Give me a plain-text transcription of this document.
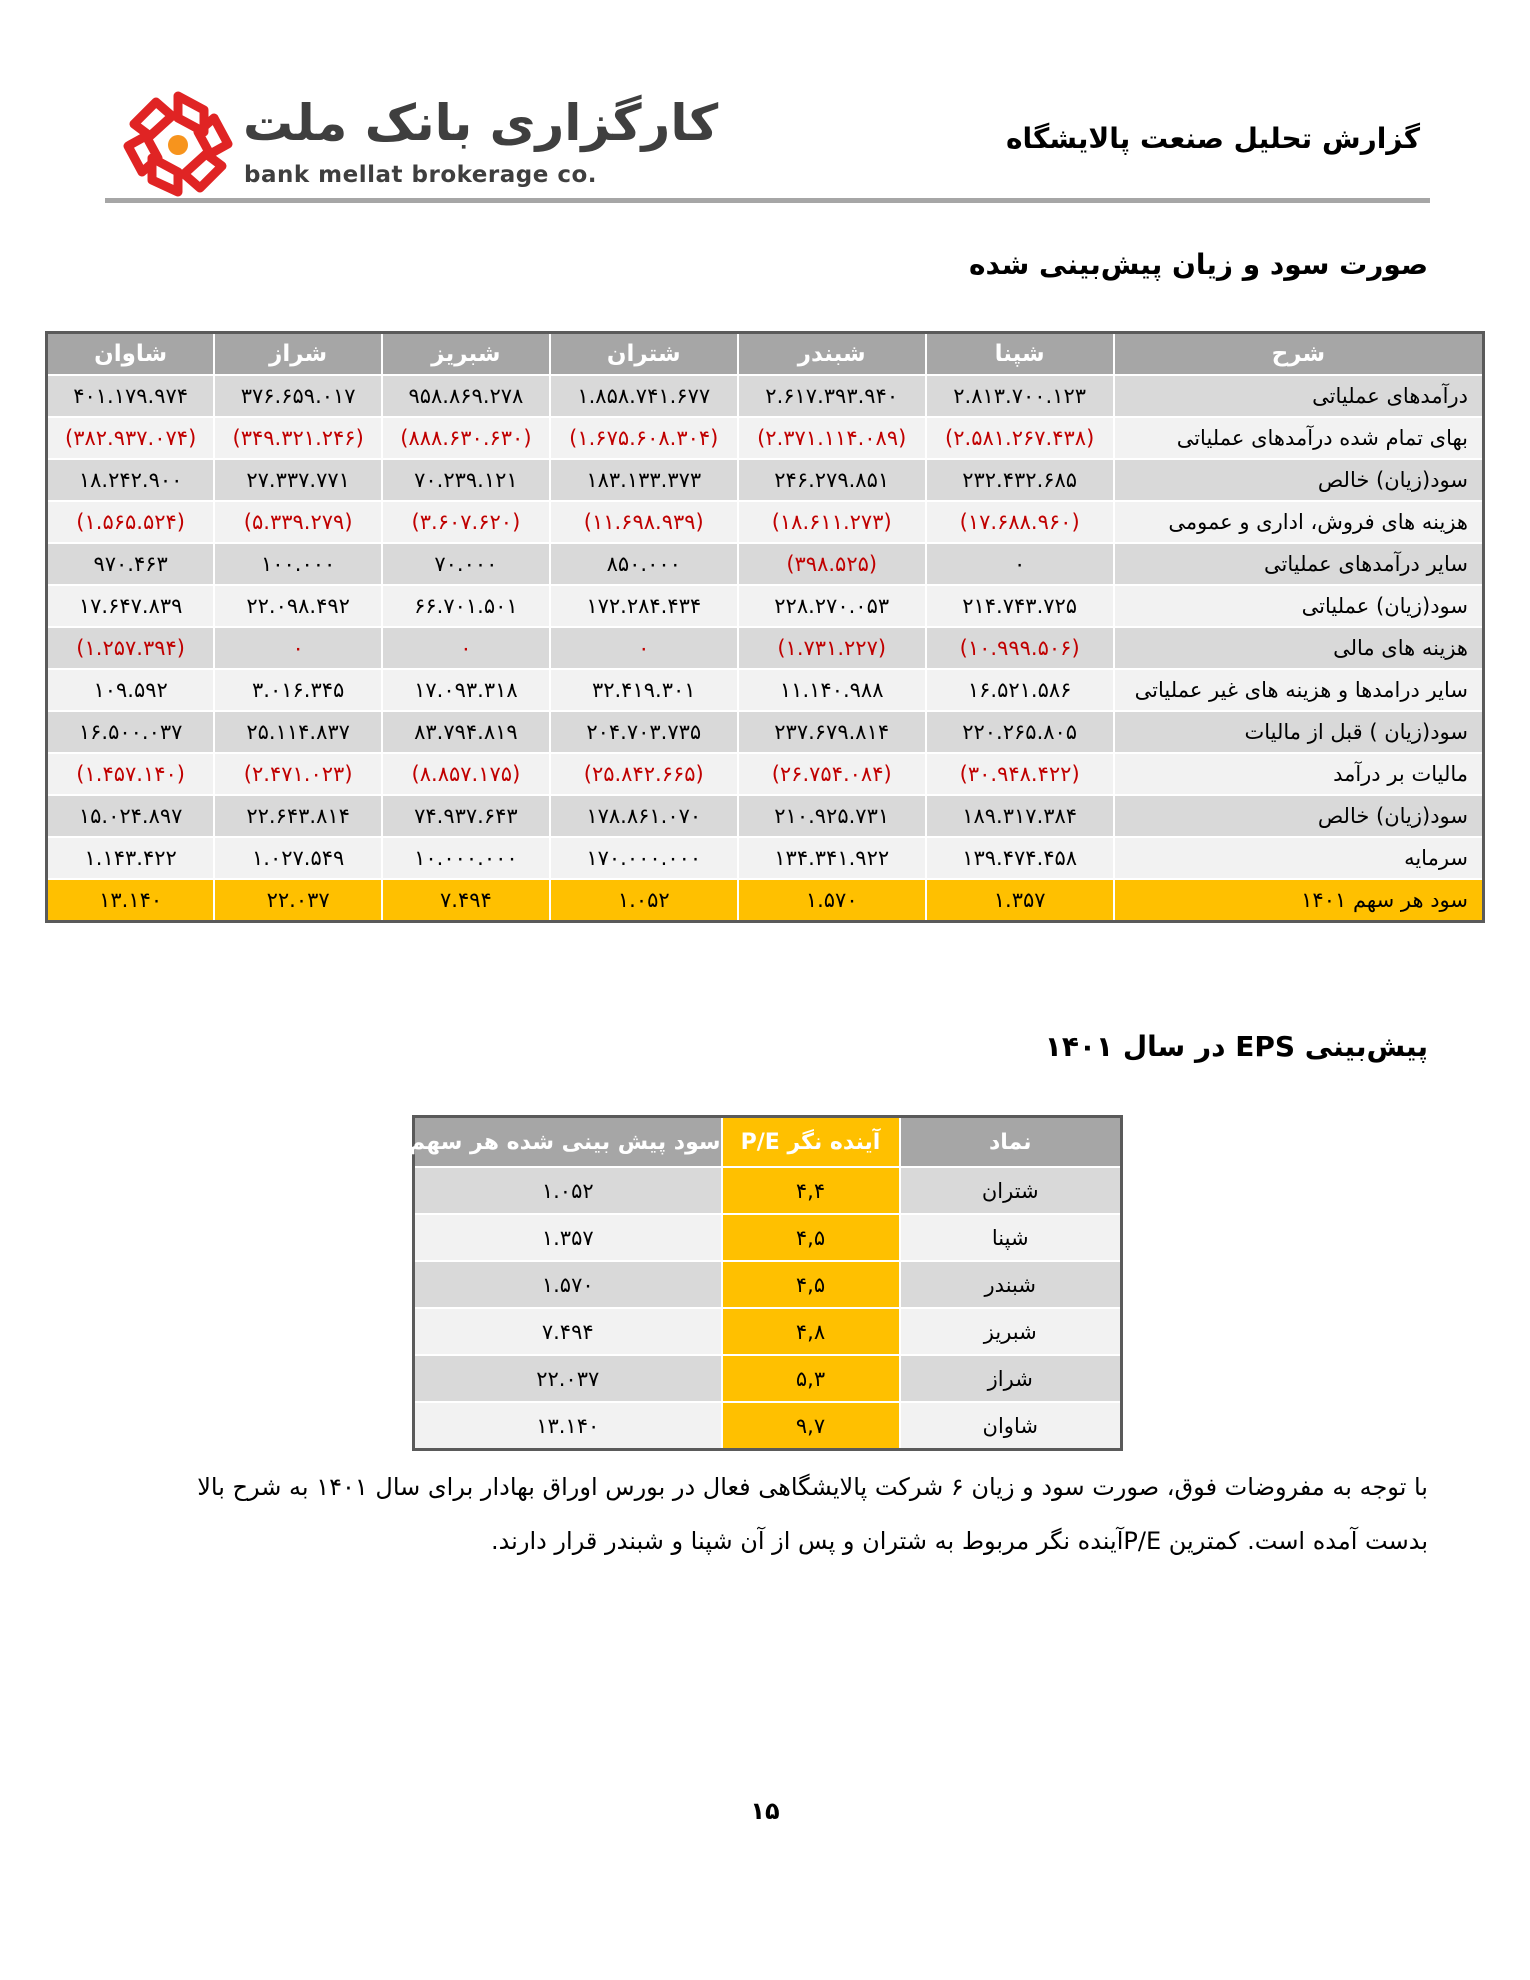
کارگزاری بانک ملت
bank mellat brokerage co.
گزارش تحلیل صنعت پالایشگاه
صورت سود و زیان پیش‌بینی شده
شرح	شپنا	شبندر	شتران	شبریز	شراز	شاوان
درآمدهای عملیاتی	۲.۸۱۳.۷۰۰.۱۲۳	۲.۶۱۷.۳۹۳.۹۴۰	۱.۸۵۸.۷۴۱.۶۷۷	۹۵۸.۸۶۹.۲۷۸	۳۷۶.۶۵۹.۰۱۷	۴۰۱.۱۷۹.۹۷۴
بهای تمام شده درآمدهای عملیاتی	(۲.۵۸۱.۲۶۷.۴۳۸)	(۲.۳۷۱.۱۱۴.۰۸۹)	(۱.۶۷۵.۶۰۸.۳۰۴)	(۸۸۸.۶۳۰.۶۳۰)	(۳۴۹.۳۲۱.۲۴۶)	(۳۸۲.۹۳۷.۰۷۴)
سود(زیان) خالص	۲۳۲.۴۳۲.۶۸۵	۲۴۶.۲۷۹.۸۵۱	۱۸۳.۱۳۳.۳۷۳	۷۰.۲۳۹.۱۲۱	۲۷.۳۳۷.۷۷۱	۱۸.۲۴۲.۹۰۰
هزینه های فروش، اداری و عمومی	(۱۷.۶۸۸.۹۶۰)	(۱۸.۶۱۱.۲۷۳)	(۱۱.۶۹۸.۹۳۹)	(۳.۶۰۷.۶۲۰)	(۵.۳۳۹.۲۷۹)	(۱.۵۶۵.۵۲۴)
سایر درآمدهای عملیاتی	۰	(۳۹۸.۵۲۵)	۸۵۰.۰۰۰	۷۰.۰۰۰	۱۰۰.۰۰۰	۹۷۰.۴۶۳
سود(زیان) عملیاتی	۲۱۴.۷۴۳.۷۲۵	۲۲۸.۲۷۰.۰۵۳	۱۷۲.۲۸۴.۴۳۴	۶۶.۷۰۱.۵۰۱	۲۲.۰۹۸.۴۹۲	۱۷.۶۴۷.۸۳۹
هزینه های مالی	(۱۰.۹۹۹.۵۰۶)	(۱.۷۳۱.۲۲۷)	۰	۰	۰	(۱.۲۵۷.۳۹۴)
سایر درامدها و هزینه های غیر عملیاتی	۱۶.۵۲۱.۵۸۶	۱۱.۱۴۰.۹۸۸	۳۲.۴۱۹.۳۰۱	۱۷.۰۹۳.۳۱۸	۳.۰۱۶.۳۴۵	۱۰۹.۵۹۲
سود(زیان ) قبل از مالیات	۲۲۰.۲۶۵.۸۰۵	۲۳۷.۶۷۹.۸۱۴	۲۰۴.۷۰۳.۷۳۵	۸۳.۷۹۴.۸۱۹	۲۵.۱۱۴.۸۳۷	۱۶.۵۰۰.۰۳۷
مالیات بر درآمد	(۳۰.۹۴۸.۴۲۲)	(۲۶.۷۵۴.۰۸۴)	(۲۵.۸۴۲.۶۶۵)	(۸.۸۵۷.۱۷۵)	(۲.۴۷۱.۰۲۳)	(۱.۴۵۷.۱۴۰)
سود(زیان) خالص	۱۸۹.۳۱۷.۳۸۴	۲۱۰.۹۲۵.۷۳۱	۱۷۸.۸۶۱.۰۷۰	۷۴.۹۳۷.۶۴۳	۲۲.۶۴۳.۸۱۴	۱۵.۰۲۴.۸۹۷
سرمایه	۱۳۹.۴۷۴.۴۵۸	۱۳۴.۳۴۱.۹۲۲	۱۷۰.۰۰۰.۰۰۰	۱۰.۰۰۰.۰۰۰	۱.۰۲۷.۵۴۹	۱.۱۴۳.۴۲۲
سود هر سهم ۱۴۰۱	۱.۳۵۷	۱.۵۷۰	۱.۰۵۲	۷.۴۹۴	۲۲.۰۳۷	۱۳.۱۴۰
پیش‌بینی EPS در سال ۱۴۰۱
نماد	آینده نگر P/E	سود پیش بینی شده هر سهم
شتران	۴,۴	۱.۰۵۲
شپنا	۴,۵	۱.۳۵۷
شبندر	۴,۵	۱.۵۷۰
شبریز	۴,۸	۷.۴۹۴
شراز	۵,۳	۲۲.۰۳۷
شاوان	۹,۷	۱۳.۱۴۰

با توجه به مفروضات فوق، صورت سود و زیان ۶ شرکت پالایشگاهی فعال در بورس اوراق بهادار برای سال ۱۴۰۱ به شرح بالا

بدست آمده است. کمترین P/Eآینده نگر مربوط به شتران و پس از آن شپنا و شبندر قرار دارند.

۱۵
